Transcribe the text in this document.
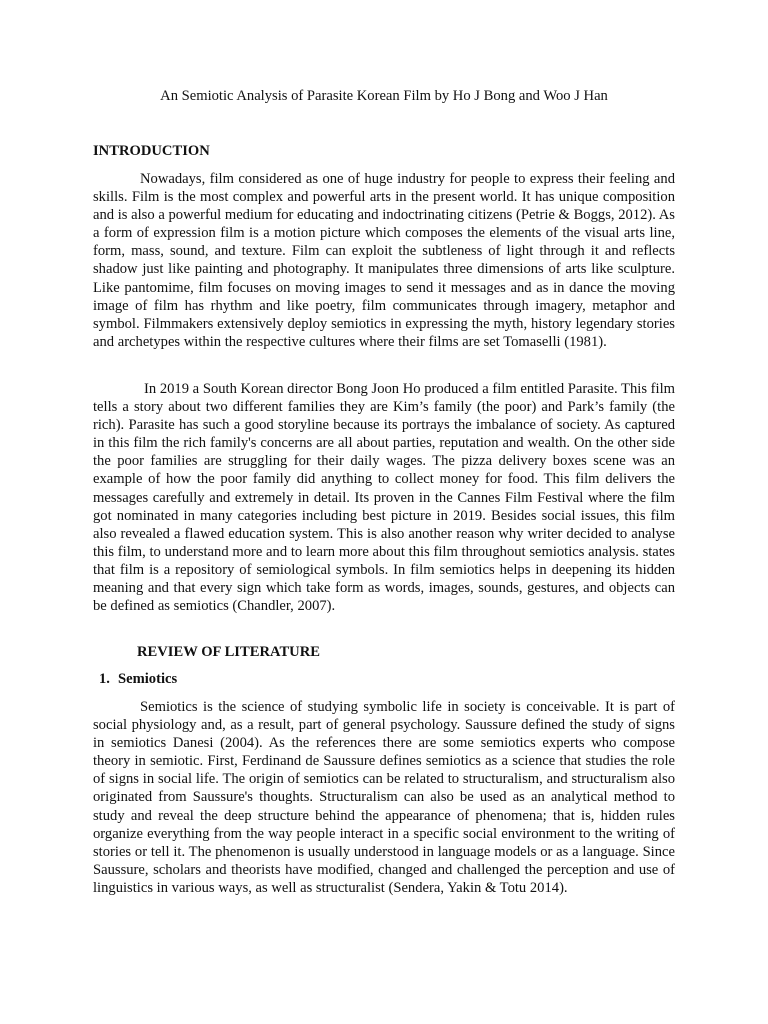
An Semiotic Analysis of Parasite Korean Film by Ho J Bong and Woo J Han
INTRODUCTION

Nowadays, film considered as one of huge industry for people to express their feeling and skills. Film is the most complex and powerful arts in the present world. It has unique composition and is also a powerful medium for educating and indoctrinating citizens (Petrie & Boggs, 2012). As a form of expression film is a motion picture which composes the elements of the visual arts line, form, mass, sound, and texture. Film can exploit the subtleness of light through it and reflects shadow just like painting and photography. It manipulates three dimensions of arts like sculpture. Like pantomime, film focuses on moving images to send it messages and as in dance the moving image of film has rhythm and like poetry, film communicates through imagery, metaphor and symbol. Filmmakers extensively deploy semiotics in expressing the myth, history legendary stories and archetypes within the respective cultures where their films are set Tomaselli (1981).

In 2019 a South Korean director Bong Joon Ho produced a film entitled Parasite. This film tells a story about two different families they are Kim’s family (the poor) and Park’s family (the rich). Parasite has such a good storyline because its portrays the imbalance of society. As captured in this film the rich family's concerns are all about parties, reputation and wealth. On the other side the poor families are struggling for their daily wages. The pizza delivery boxes scene was an example of how the poor family did anything to collect money for food. This film delivers the messages carefully and extremely in detail. Its proven in the Cannes Film Festival where the film got nominated in many categories including best picture in 2019. Besides social issues, this film also revealed a flawed education system. This is also another reason why writer decided to analyse this film, to understand more and to learn more about this film throughout semiotics analysis. states that film is a repository of semiological symbols. In film semiotics helps in deepening its hidden meaning and that every sign which take form as words, images, sounds, gestures, and objects can be defined as semiotics (Chandler, 2007).

REVIEW OF LITERATURE
1. Semiotics

Semiotics is the science of studying symbolic life in society is conceivable. It is part of social physiology and, as a result, part of general psychology. Saussure defined the study of signs in semiotics Danesi (2004). As the references there are some semiotics experts who compose theory in semiotic. First, Ferdinand de Saussure defines semiotics as a science that studies the role of signs in social life. The origin of semiotics can be related to structuralism, and structuralism also originated from Saussure's thoughts. Structuralism can also be used as an analytical method to study and reveal the deep structure behind the appearance of phenomena; that is, hidden rules organize everything from the way people interact in a specific social environment to the writing of stories or tell it. The phenomenon is usually understood in language models or as a language. Since Saussure, scholars and theorists have modified, changed and challenged the perception and use of linguistics in various ways, as well as structuralist (Sendera, Yakin & Totu 2014).
